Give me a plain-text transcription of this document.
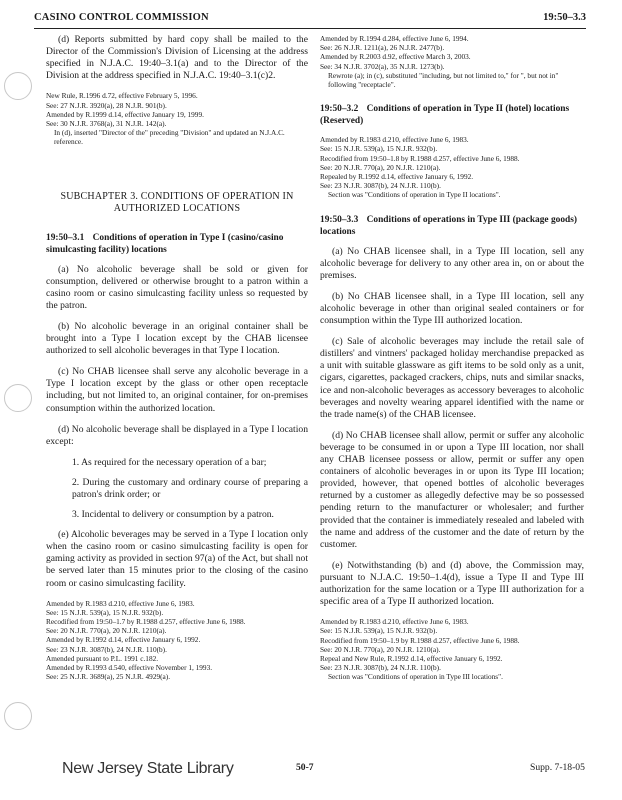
CASINO CONTROL COMMISSION	19:50–3.3

(d) Reports submitted by hard copy shall be mailed to the Director of the Commission's Division of Licensing at the address specified in N.J.A.C. 19:40–3.1(a) and to the Director of the Division at the address specified in N.J.A.C. 19:40–3.1(c)2.

New Rule, R.1996 d.72, effective February 5, 1996.
See: 27 N.J.R. 3920(a), 28 N.J.R. 901(b).
Amended by R.1999 d.14, effective January 19, 1999.
See: 30 N.J.R. 3768(a), 31 N.J.R. 142(a).
In (d), inserted "Director of the" preceding "Division" and updated an N.J.A.C. reference.
SUBCHAPTER 3. CONDITIONS OF OPERATION IN AUTHORIZED LOCATIONS
19:50–3.1 Conditions of operation in Type I (casino/casino simulcasting facility) locations

(a) No alcoholic beverage shall be sold or given for consumption, delivered or otherwise brought to a patron within a casino room or casino simulcasting facility unless so requested by the patron.

(b) No alcoholic beverage in an original container shall be brought into a Type I location except by the CHAB licensee authorized to sell alcoholic beverages in that Type I location.

(c) No CHAB licensee shall serve any alcoholic beverage in a Type I location except by the glass or other open receptacle including, but not limited to, an original container, for on-premises consumption within the authorized location.

(d) No alcoholic beverage shall be displayed in a Type I location except:

1. As required for the necessary operation of a bar;

2. During the customary and ordinary course of preparing a patron's drink order; or

3. Incidental to delivery or consumption by a patron.

(e) Alcoholic beverages may be served in a Type I location only when the casino room or casino simulcasting facility is open for gaming activity as provided in section 97(a) of the Act, but shall not be served later than 15 minutes prior to the closing of the casino room or casino simulcasting facility.

Amended by R.1983 d.210, effective June 6, 1983.
See: 15 N.J.R. 539(a), 15 N.J.R. 932(b).
Recodified from 19:50–1.7 by R.1988 d.257, effective June 6, 1988.
See: 20 N.J.R. 770(a), 20 N.J.R. 1210(a).
Amended by R.1992 d.14, effective January 6, 1992.
See: 23 N.J.R. 3087(b), 24 N.J.R. 110(b).
Amended pursuant to P.L. 1991 c.182.
Amended by R.1993 d.540, effective November 1, 1993.
See: 25 N.J.R. 3689(a), 25 N.J.R. 4929(a).
Amended by R.1994 d.284, effective June 6, 1994.
See: 26 N.J.R. 1211(a), 26 N.J.R. 2477(b).
Amended by R.2003 d.92, effective March 3, 2003.
See: 34 N.J.R. 3702(a), 35 N.J.R. 1273(b).
Rewrote (a); in (c), substituted "including, but not limited to," for ", but not in" following "receptacle".
19:50–3.2 Conditions of operation in Type II (hotel) locations (Reserved)
Amended by R.1983 d.210, effective June 6, 1983.
See: 15 N.J.R. 539(a), 15 N.J.R. 932(b).
Recodified from 19:50–1.8 by R.1988 d.257, effective June 6, 1988.
See: 20 N.J.R. 770(a), 20 N.J.R. 1210(a).
Repealed by R.1992 d.14, effective January 6, 1992.
See: 23 N.J.R. 3087(b), 24 N.J.R. 110(b).
Section was "Conditions of operation in Type II locations".
19:50–3.3 Conditions of operations in Type III (package goods) locations

(a) No CHAB licensee shall, in a Type III location, sell any alcoholic beverage for delivery to any other area in, on or about the premises.

(b) No CHAB licensee shall, in a Type III location, sell any alcoholic beverage in other than original sealed containers or for consumption within the Type III authorized location.

(c) Sale of alcoholic beverages may include the retail sale of distillers' and vintners' packaged holiday merchandise prepacked as a unit with suitable glassware as gift items to be sold only as a unit, cigars, cigarettes, packaged crackers, chips, nuts and similar snacks, ice and non-alcoholic beverages as accessory beverages to alcoholic beverages and novelty wearing apparel identified with the name or the trade name(s) of the CHAB licensee.

(d) No CHAB licensee shall allow, permit or suffer any alcoholic beverage to be consumed in or upon a Type III location, nor shall any CHAB licensee possess or allow, permit or suffer any open containers of alcoholic beverages in or upon its Type III location; provided, however, that opened bottles of alcoholic beverages returned by a customer as allegedly defective may be so possessed pending return to the manufacturer or wholesaler; and further provided that the container is immediately resealed and labeled with the name and address of the customer and the date of return by the customer.

(e) Notwithstanding (b) and (d) above, the Commission may, pursuant to N.J.A.C. 19:50–1.4(d), issue a Type II and Type III authorization for the same location or a Type III authorization for a specific area of a Type II authorized location.

Amended by R.1983 d.210, effective June 6, 1983.
See: 15 N.J.R. 539(a), 15 N.J.R. 932(b).
Recodified from 19:50–1.9 by R.1988 d.257, effective June 6, 1988.
See: 20 N.J.R. 770(a), 20 N.J.R. 1210(a).
Repeal and New Rule, R.1992 d.14, effective January 6, 1992.
See: 23 N.J.R. 3087(b), 24 N.J.R. 110(b).
Section was "Conditions of operation in Type III locations".
New Jersey State Library	50-7	Supp. 7-18-05
